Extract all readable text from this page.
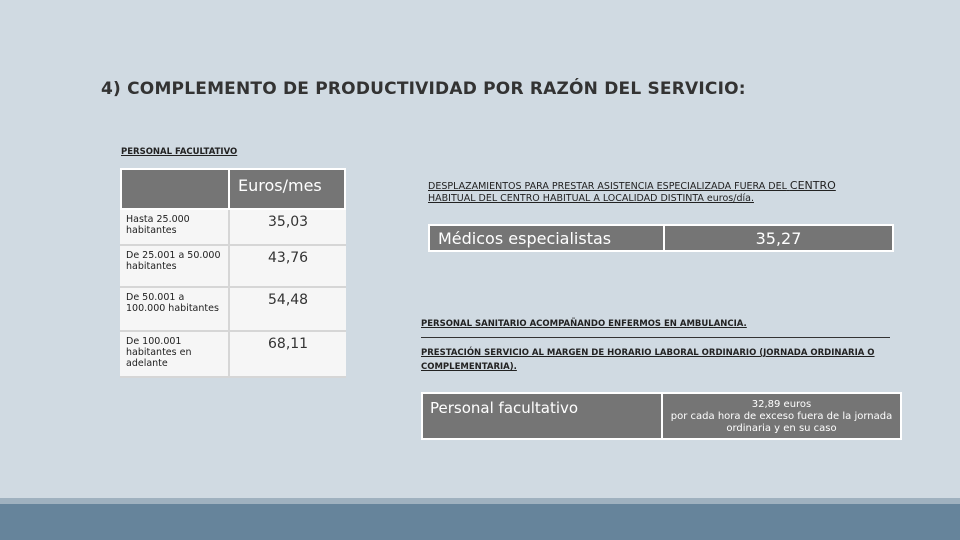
4) COMPLEMENTO DE PRODUCTIVIDAD POR RAZÓN DEL SERVICIO:
PERSONAL FACULTATIVO
Euros/mes
Hasta 25.000 habitantes
35,03
De 25.001 a 50.000 habitantes
43,76
De 50.001 a 100.000 habitantes
54,48
De 100.001 habitantes en adelante
68,11
DESPLAZAMIENTOS PARA PRESTAR ASISTENCIA ESPECIALIZADA FUERA DEL CENTRO
HABITUAL DEL CENTRO HABITUAL A LOCALIDAD DISTINTA euros/día.
Médicos especialistas	35,27
PERSONAL SANITARIO ACOMPAÑANDO ENFERMOS EN AMBULANCIA.
PRESTACIÓN SERVICIO AL MARGEN DE HORARIO LABORAL ORDINARIO (JORNADA ORDINARIA O COMPLEMENTARIA).
Personal facultativo	32,89 euros
por cada hora de exceso fuera de la jornada ordinaria y en su caso
